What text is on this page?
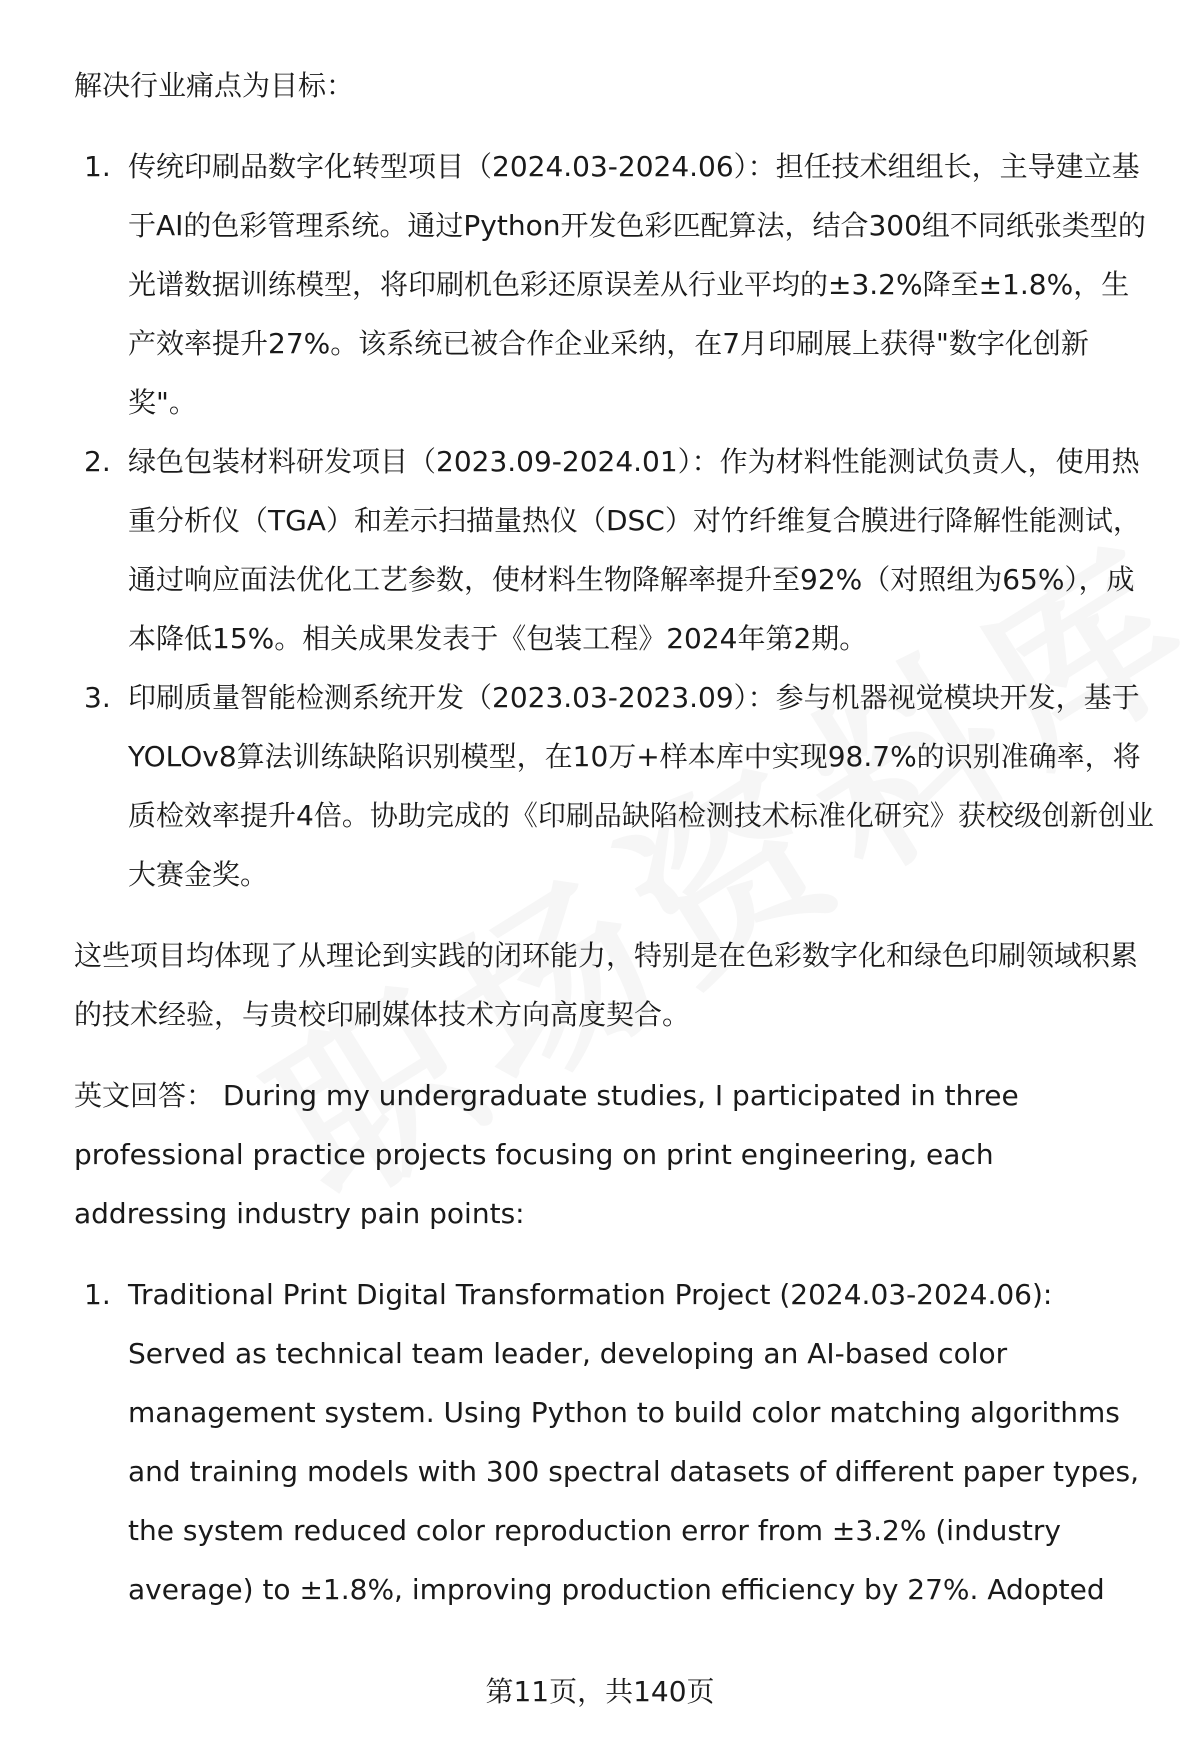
解决行业痛点为目标：

1. 传统印刷品数字化转型项目（2024.03-2024.06）：担任技术组组长，主导建立基于AI的色彩管理系统。通过Python开发色彩匹配算法，结合300组不同纸张类型的光谱数据训练模型，将印刷机色彩还原误差从行业平均的±3.2%降至±1.8%，生产效率提升27%。该系统已被合作企业采纳，在7月印刷展上获得"数字化创新奖"。
2. 绿色包装材料研发项目（2023.09-2024.01）：作为材料性能测试负责人，使用热重分析仪（TGA）和差示扫描量热仪（DSC）对竹纤维复合膜进行降解性能测试，通过响应面法优化工艺参数，使材料生物降解率提升至92%（对照组为65%），成本降低15%。相关成果发表于《包装工程》2024年第2期。
3. 印刷质量智能检测系统开发（2023.03-2023.09）：参与机器视觉模块开发，基于YOLOv8算法训练缺陷识别模型，在10万+样本库中实现98.7%的识别准确率，将质检效率提升4倍。协助完成的《印刷品缺陷检测技术标准化研究》获校级创新创业大赛金奖。

这些项目均体现了从理论到实践的闭环能力，特别是在色彩数字化和绿色印刷领域积累的技术经验，与贵校印刷媒体技术方向高度契合。

英文回答： During my undergraduate studies, I participated in three professional practice projects focusing on print engineering, each addressing industry pain points:

1. Traditional Print Digital Transformation Project (2024.03-2024.06): Served as technical team leader, developing an AI-based color management system. Using Python to build color matching algorithms and training models with 300 spectral datasets of different paper types, the system reduced color reproduction error from ±3.2% (industry average) to ±1.8%, improving production efficiency by 27%. Adopted
第11页，共140页
